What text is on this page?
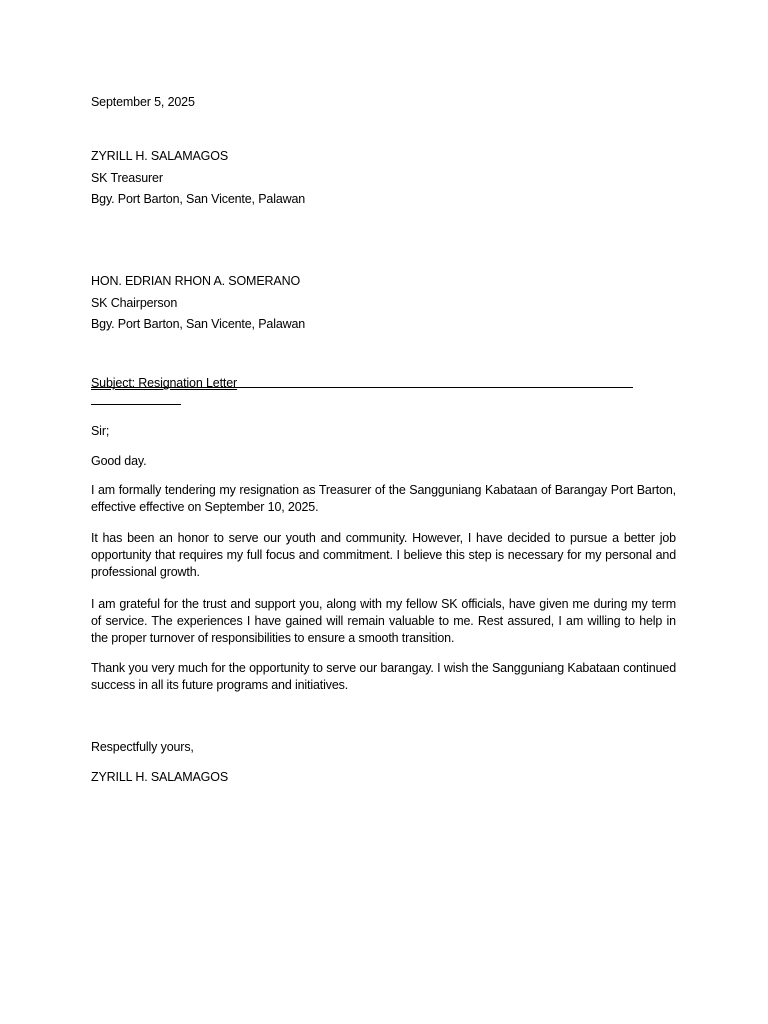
September 5, 2025
ZYRILL H. SALAMAGOS
SK Treasurer
Bgy. Port Barton, San Vicente, Palawan
HON. EDRIAN RHON A. SOMERANO
SK Chairperson
Bgy. Port Barton, San Vicente, Palawan
Subject: Resignation Letter
Sir;
Good day.
I am formally tendering my resignation as Treasurer of the Sangguniang Kabataan of Barangay Port Barton, effective effective on September 10, 2025.
It has been an honor to serve our youth and community. However, I have decided to pursue a better job opportunity that requires my full focus and commitment. I believe this step is necessary for my personal and professional growth.
I am grateful for the trust and support you, along with my fellow SK officials, have given me during my term of service. The experiences I have gained will remain valuable to me. Rest assured, I am willing to help in the proper turnover of responsibilities to ensure a smooth transition.
Thank you very much for the opportunity to serve our barangay. I wish the Sangguniang Kabataan continued success in all its future programs and initiatives.
Respectfully yours,
ZYRILL H. SALAMAGOS
